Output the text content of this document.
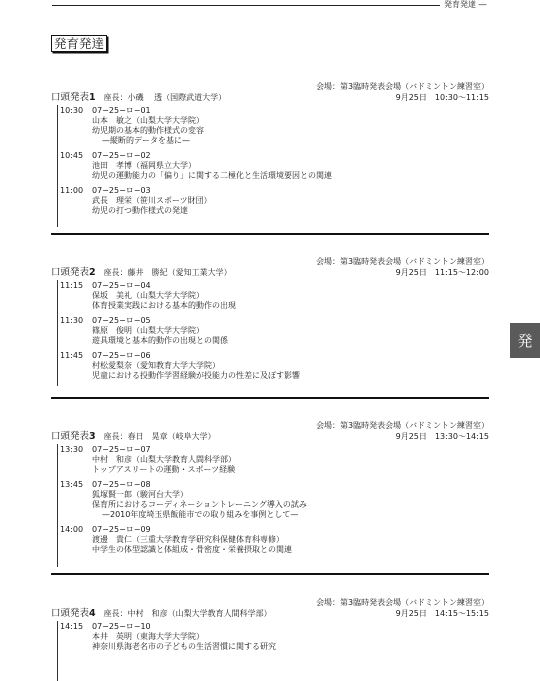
発育発達 ―
発育発達
発
会場：第3臨時発表会場（バドミントン練習室）
口頭発表1 座長：小磯　 透（国際武道大学）	9月25日　10:30〜11:15
10:30 07−25−ロ−01
山本　敏之（山梨大学大学院）
幼児期の基本的動作様式の変容
—縦断的データを基に—
10:45 07−25−ロ−02
池田　孝博（福岡県立大学）
幼児の運動能力の「偏り」に関する二極化と生活環境要因との関連
11:00 07−25−ロ−03
武長　理栄（笹川スポーツ財団）
幼児の打つ動作様式の発達
会場：第3臨時発表会場（バドミントン練習室）
口頭発表2 座長：藤井　勝紀（愛知工業大学）	9月25日　11:15〜12:00
11:15 07−25−ロ−04
保坂　美礼（山梨大学大学院）
体育授業実践における基本的動作の出現
11:30 07−25−ロ−05
篠原　俊明（山梨大学大学院）
遊具環境と基本的動作の出現との関係
11:45 07−25−ロ−06
村松愛梨奈（愛知教育大学大学院）
児童における投動作学習経験が投能力の性差に及ぼす影響
会場：第3臨時発表会場（バドミントン練習室）
口頭発表3 座長：春日　晃章（岐阜大学）	9月25日　13:30〜14:15
13:30 07−25−ロ−07
中村　和彦（山梨大学教育人間科学部）
トップアスリートの運動・スポーツ経験
13:45 07−25−ロ−08
狐塚賢一郎（駿河台大学）
保育所におけるコーディネーショントレーニング導入の試み
—2010年度埼玉県飯能市での取り組みを事例として—
14:00 07−25−ロ−09
渡邊　貴仁（三重大学教育学研究科保健体育科専修）
中学生の体型認識と体組成・骨密度・栄養摂取との関連
会場：第3臨時発表会場（バドミントン練習室）
口頭発表4 座長：中村　和彦（山梨大学教育人間科学部）	9月25日　14:15〜15:15
14:15 07−25−ロ−10
本井　英明（東海大学大学院）
神奈川県海老名市の子どもの生活習慣に関する研究
